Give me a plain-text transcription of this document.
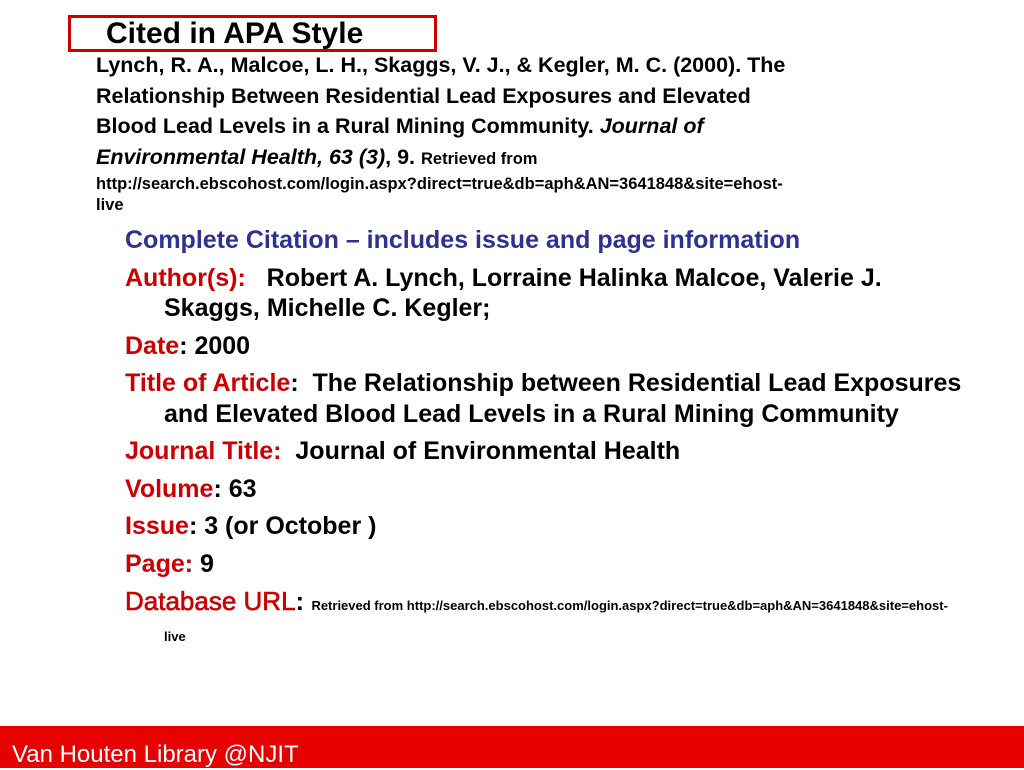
Cited in APA Style
Lynch, R. A., Malcoe, L. H., Skaggs, V. J., & Kegler, M. C. (2000). The
Relationship Between Residential Lead Exposures and Elevated
Blood Lead Levels in a Rural Mining Community. Journal of
Environmental Health, 63 (3), 9. Retrieved from
http://search.ebscohost.com/login.aspx?direct=true&db=aph&AN=3641848&site=ehost-
live
Complete Citation – includes issue and page information
Author(s):   Robert A. Lynch, Lorraine Halinka Malcoe, Valerie J. Skaggs, Michelle C. Kegler;
Date: 2000
Title of Article:  The Relationship between Residential Lead Exposures and Elevated Blood Lead Levels in a Rural Mining Community
Journal Title:  Journal of Environmental Health
Volume: 63
Issue: 3 (or October )
Page: 9
Database URL: Retrieved from http://search.ebscohost.com/login.aspx?direct=true&db=aph&AN=3641848&site=ehost-live
Van Houten Library @NJIT
